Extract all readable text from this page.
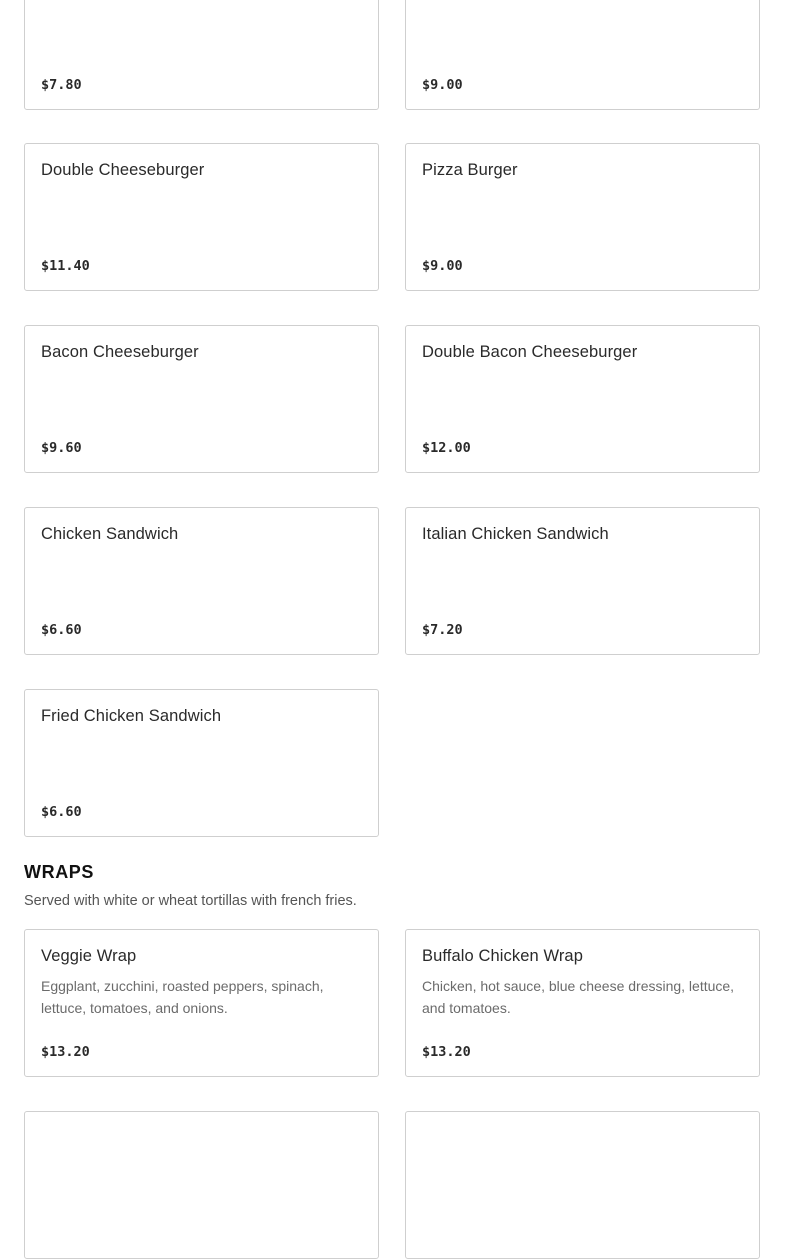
$7.80	$9.00
Double Cheeseburger
$11.40
Pizza Burger
$9.00
Bacon Cheeseburger
$9.60
Double Bacon Cheeseburger
$12.00
Chicken Sandwich
$6.60
Italian Chicken Sandwich
$7.20
Fried Chicken Sandwich
$6.60
WRAPS
Served with white or wheat tortillas with french fries.
Veggie Wrap
Eggplant, zucchini, roasted peppers, spinach, lettuce, tomatoes, and onions.
$13.20
Buffalo Chicken Wrap
Chicken, hot sauce, blue cheese dressing, lettuce, and tomatoes.
$13.20
